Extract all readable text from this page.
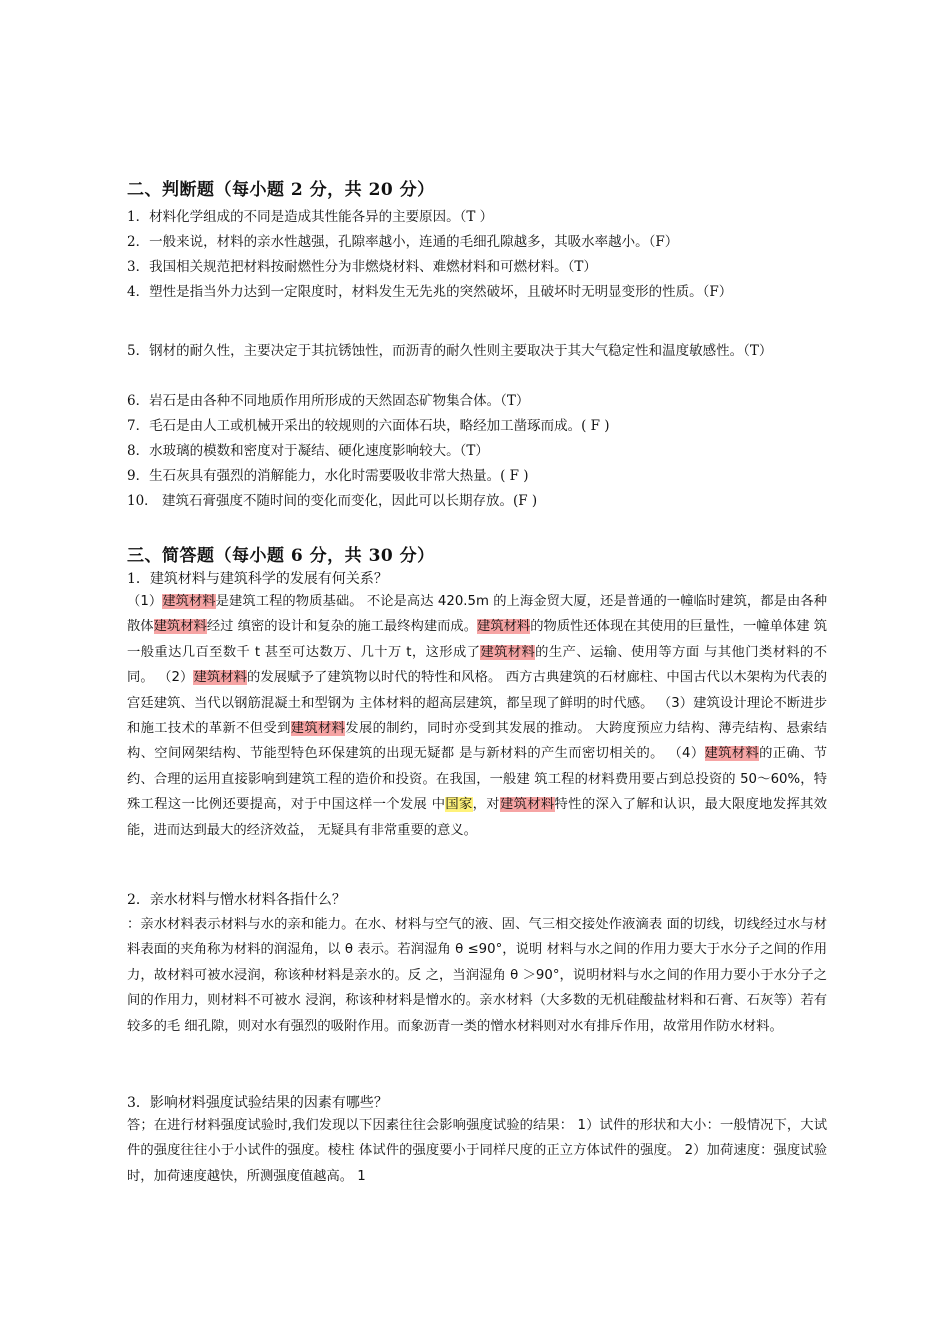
二、判断题（每小题 2 分，共 20 分）
1．材料化学组成的不同是造成其性能各异的主要原因。（T ）
2．一般来说，材料的亲水性越强，孔隙率越小，连通的毛细孔隙越多，其吸水率越小。（F）
3．我国相关规范把材料按耐燃性分为非燃烧材料、难燃材料和可燃材料。（T）
4．塑性是指当外力达到一定限度时，材料发生无先兆的突然破坏，且破坏时无明显变形的性质。（F）
5．钢材的耐久性，主要决定于其抗锈蚀性，而沥青的耐久性则主要取决于其大气稳定性和温度敏感性。（T）
6．岩石是由各种不同地质作用所形成的天然固态矿物集合体。（T）
7．毛石是由人工或机械开采出的较规则的六面体石块，略经加工凿琢而成。( F )
8．水玻璃的模数和密度对于凝结、硬化速度影响较大。（T）
9．生石灰具有强烈的消解能力，水化时需要吸收非常大热量。( F )
10． 建筑石膏强度不随时间的变化而变化，因此可以长期存放。(F )
三、简答题（每小题 6 分，共 30 分）
1．建筑材料与建筑科学的发展有何关系？
（1）建筑材料是建筑工程的物质基础。 不论是高达 420.5m 的上海金贸大厦，还是普通的一幢临时建筑，都是由各种散体建筑材料经过 缜密的设计和复杂的施工最终构建而成。建筑材料的物质性还体现在其使用的巨量性，一幢单体建 筑一般重达几百至数千 t 甚至可达数万、几十万 t，这形成了建筑材料的生产、运输、使用等方面 与其他门类材料的不同。 （2）建筑材料的发展赋予了建筑物以时代的特性和风格。 西方古典建筑的石材廊柱、中国古代以木架构为代表的宫廷建筑、当代以钢筋混凝土和型钢为 主体材料的超高层建筑，都呈现了鲜明的时代感。 （3）建筑设计理论不断进步和施工技术的革新不但受到建筑材料发展的制约，同时亦受到其发展的推动。 大跨度预应力结构、薄壳结构、悬索结构、空间网架结构、节能型特色环保建筑的出现无疑都 是与新材料的产生而密切相关的。 （4）建筑材料的正确、节约、合理的运用直接影响到建筑工程的造价和投资。在我国，一般建 筑工程的材料费用要占到总投资的 50～60%，特殊工程这一比例还要提高，对于中国这样一个发展 中国家，对建筑材料特性的深入了解和认识，最大限度地发挥其效能，进而达到最大的经济效益， 无疑具有非常重要的意义。
2．亲水材料与憎水材料各指什么？
：亲水材料表示材料与水的亲和能力。在水、材料与空气的液、固、气三相交接处作液滴表 面的切线，切线经过水与材料表面的夹角称为材料的润湿角，以 θ 表示。若润湿角 θ ≤90°，说明 材料与水之间的作用力要大于水分子之间的作用力，故材料可被水浸润，称该种材料是亲水的。反 之，当润湿角 θ ＞90°，说明材料与水之间的作用力要小于水分子之间的作用力，则材料不可被水 浸润，称该种材料是憎水的。亲水材料（大多数的无机硅酸盐材料和石膏、石灰等）若有较多的毛 细孔隙，则对水有强烈的吸附作用。而象沥青一类的憎水材料则对水有排斥作用，故常用作防水材料。
3．影响材料强度试验结果的因素有哪些？
答；在进行材料强度试验时,我们发现以下因素往往会影响强度试验的结果： 1）试件的形状和大小：一般情况下，大试件的强度往往小于小试件的强度。棱柱 体试件的强度要小于同样尺度的正立方体试件的强度。 2）加荷速度：强度试验时，加荷速度越快，所测强度值越高。 1
